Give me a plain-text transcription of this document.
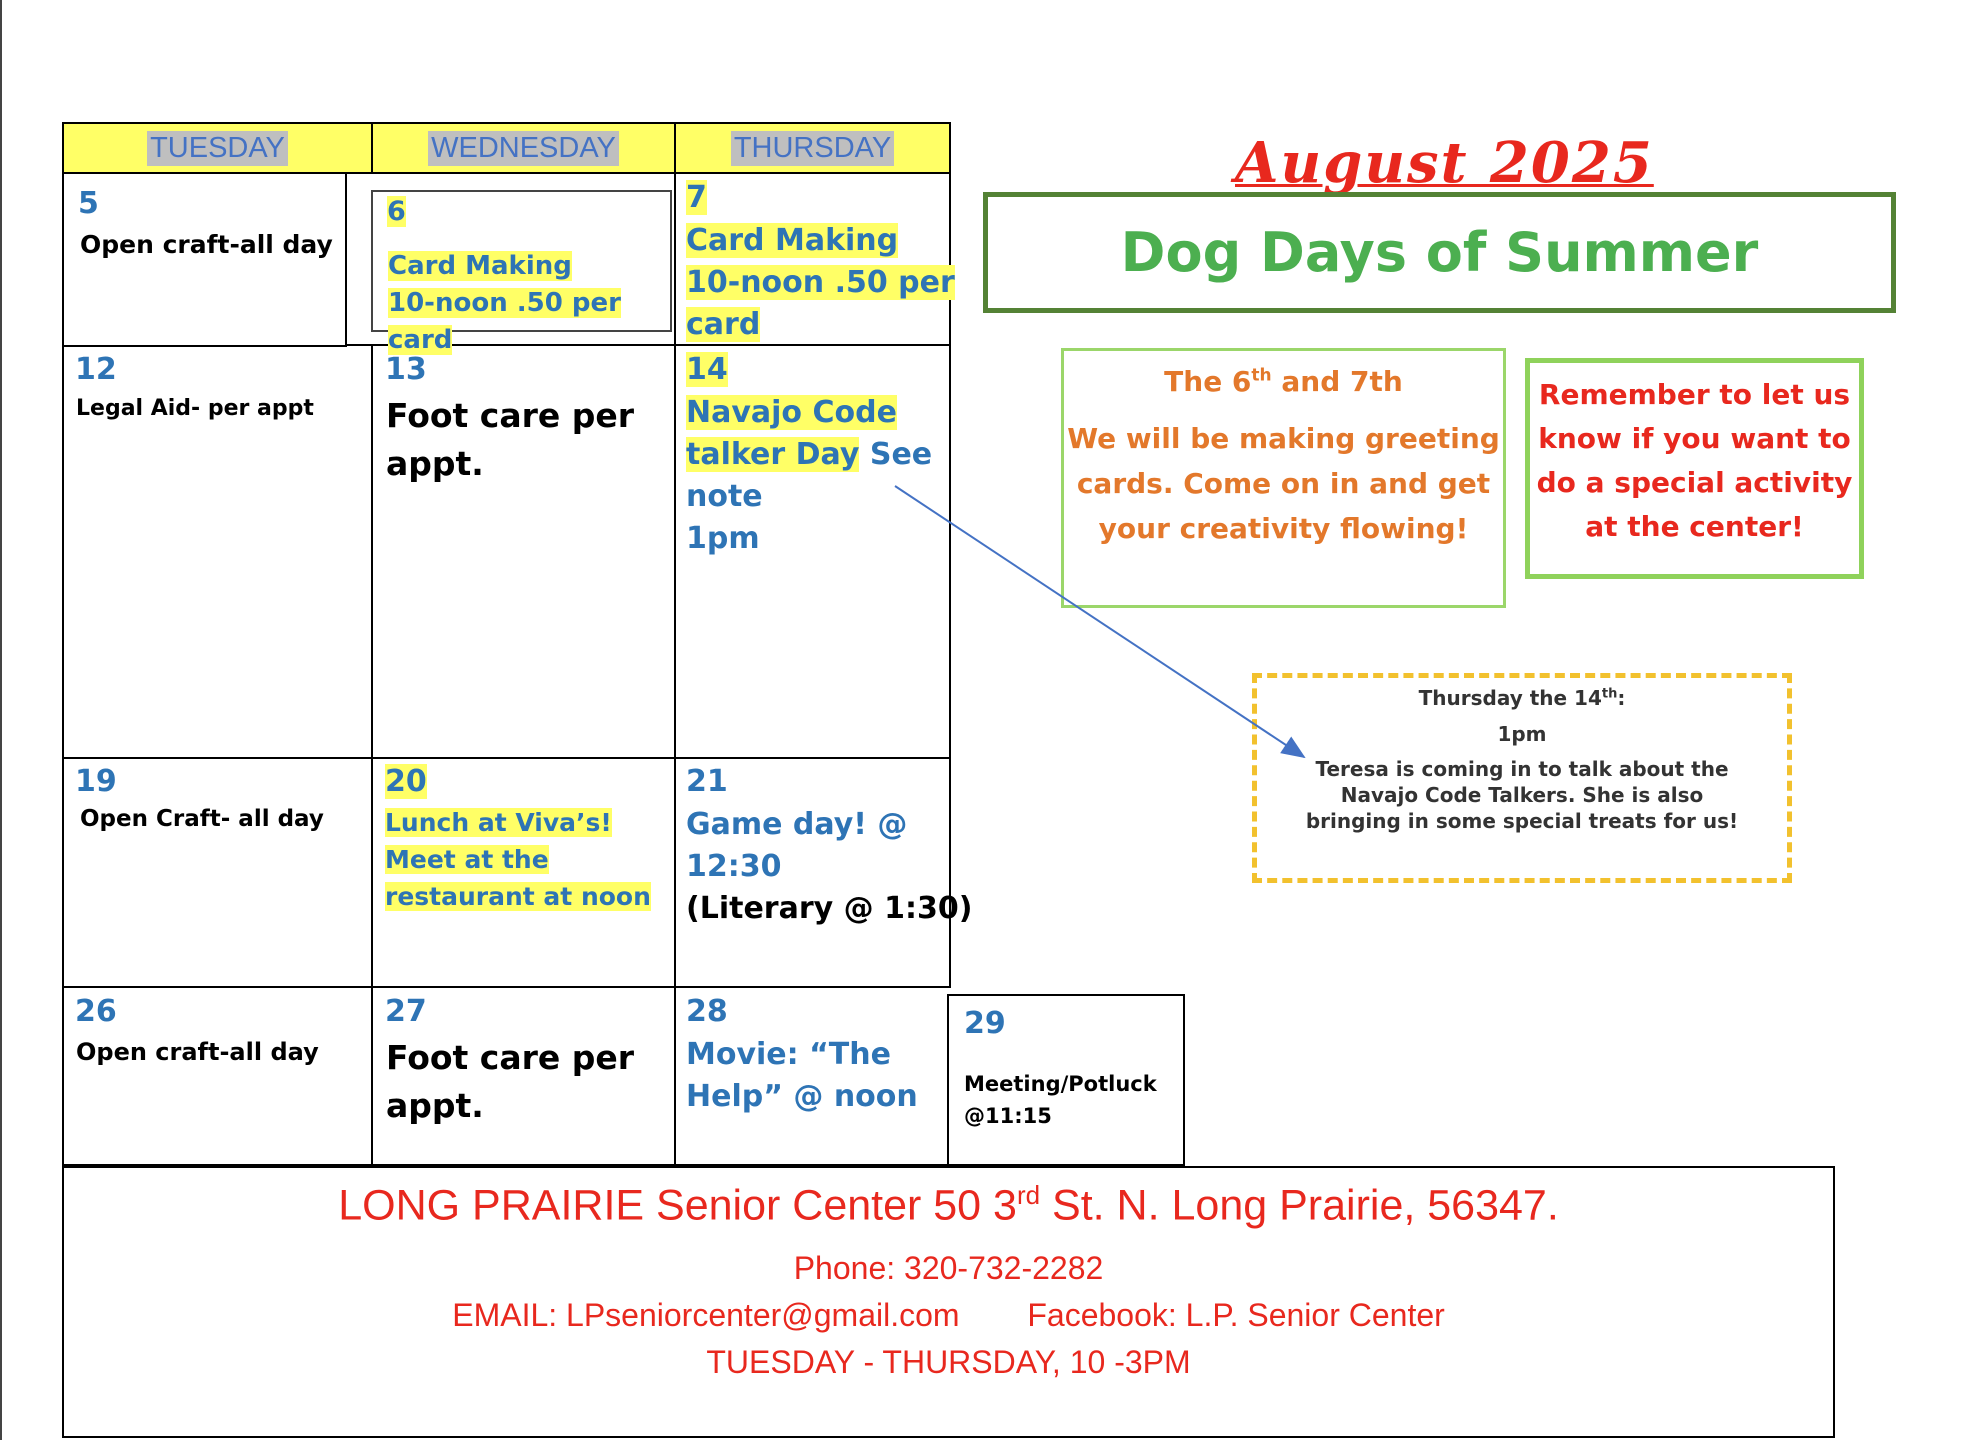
TUESDAY	WEDNESDAY	THURSDAY
5
Open craft-all day
6
Card Making
10-noon .50 per
card
7
Card Making
10-noon .50 per
card
12
Legal Aid- per appt
13
Foot care per
appt.
14
Navajo Code
talker Day See
note
1pm
19
Open Craft- all day
20
Lunch at Viva’s!
Meet at the
restaurant at noon
21
Game day! @
12:30
(Literary @ 1:30)
26
Open craft-all day
27
Foot care per
appt.
28
Movie: “The
Help” @ noon
29
Meeting/Potluck
@11:15
August 2025
Dog Days of Summer
The 6th and 7th
We will be making greeting
cards. Come on in and get
your creativity flowing!
Remember to let us
know if you want to
do a special activity
at the center!
Thursday the 14th:
1pm
Teresa is coming in to talk about the
Navajo Code Talkers. She is also
bringing in some special treats for us!
LONG PRAIRIE Senior Center 50 3rd St. N. Long Prairie, 56347.
Phone: 320-732-2282
EMAIL: LPseniorcenter@gmail.com Facebook: L.P. Senior Center
TUESDAY - THURSDAY, 10 -3PM
